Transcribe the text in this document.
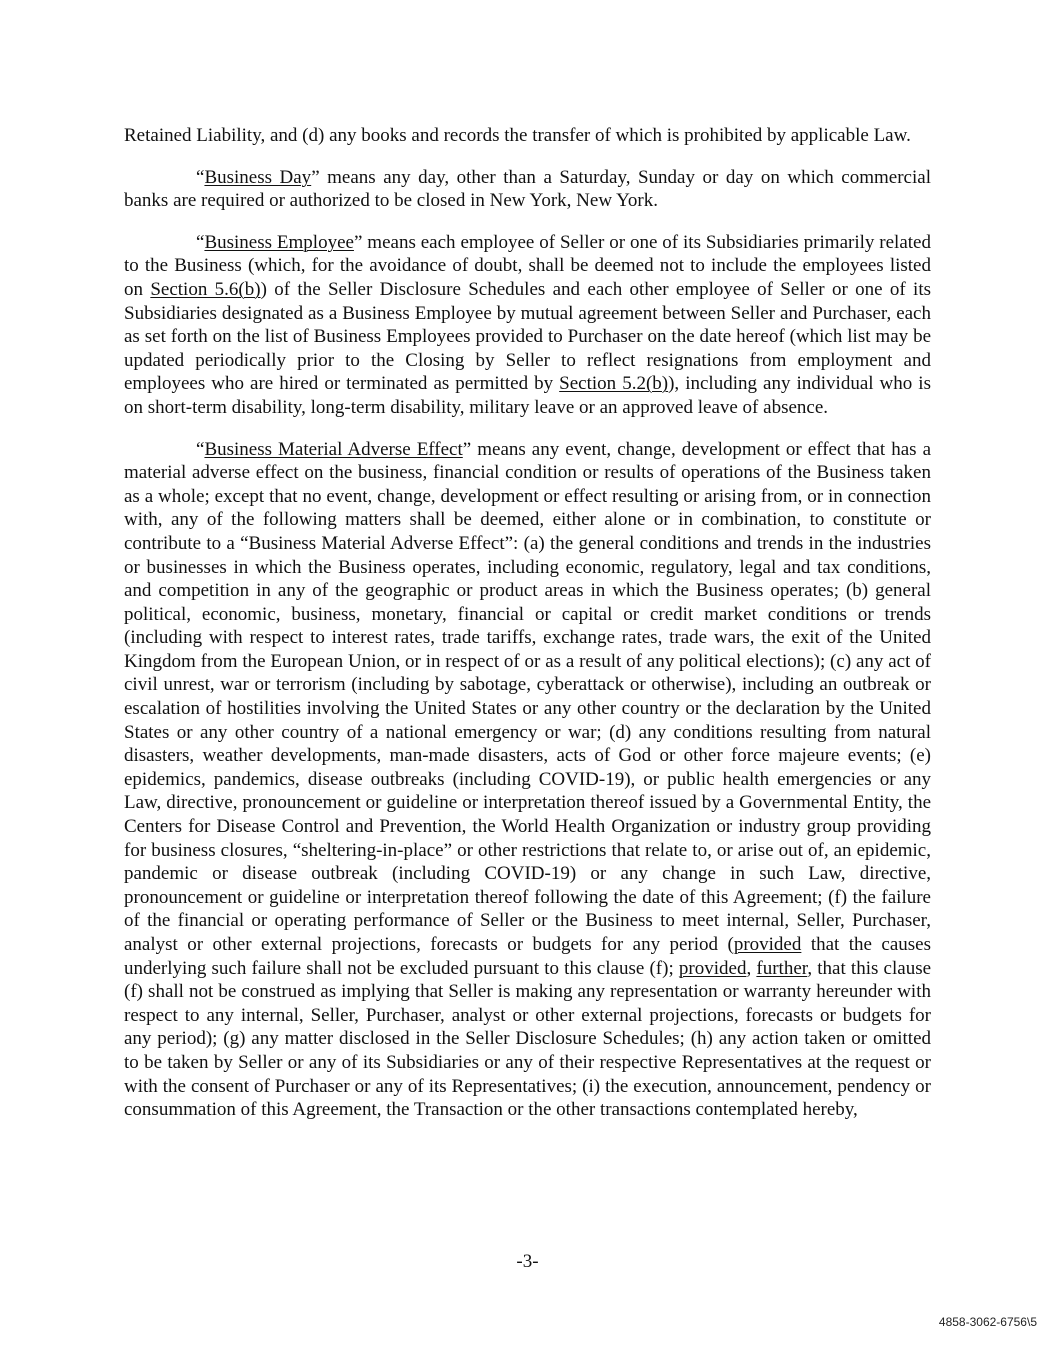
Retained Liability, and (d) any books and records the transfer of which is prohibited by applicable Law.

“Business Day” means any day, other than a Saturday, Sunday or day on which commercial banks are required or authorized to be closed in New York, New York.

“Business Employee” means each employee of Seller or one of its Subsidiaries primarily related to the Business (which, for the avoidance of doubt, shall be deemed not to include the employees listed on Section 5.6(b)) of the Seller Disclosure Schedules and each other employee of Seller or one of its Subsidiaries designated as a Business Employee by mutual agreement between Seller and Purchaser, each as set forth on the list of Business Employees provided to Purchaser on the date hereof (which list may be updated periodically prior to the Closing by Seller to reflect resignations from employment and employees who are hired or terminated as permitted by Section 5.2(b)), including any individual who is on short-term disability, long-term disability, military leave or an approved leave of absence.

“Business Material Adverse Effect” means any event, change, development or effect that has a material adverse effect on the business, financial condition or results of operations of the Business taken as a whole; except that no event, change, development or effect resulting or arising from, or in connection with, any of the following matters shall be deemed, either alone or in combination, to constitute or contribute to a “Business Material Adverse Effect”: (a) the general conditions and trends in the industries or businesses in which the Business operates, including economic, regulatory, legal and tax conditions, and competition in any of the geographic or product areas in which the Business operates; (b) general political, economic, business, monetary, financial or capital or credit market conditions or trends (including with respect to interest rates, trade tariffs, exchange rates, trade wars, the exit of the United Kingdom from the European Union, or in respect of or as a result of any political elections); (c) any act of civil unrest, war or terrorism (including by sabotage, cyberattack or otherwise), including an outbreak or escalation of hostilities involving the United States or any other country or the declaration by the United States or any other country of a national emergency or war; (d) any conditions resulting from natural disasters, weather developments, man-made disasters, acts of God or other force majeure events; (e) epidemics, pandemics, disease outbreaks (including COVID-19), or public health emergencies or any Law, directive, pronouncement or guideline or interpretation thereof issued by a Governmental Entity, the Centers for Disease Control and Prevention, the World Health Organization or industry group providing for business closures, “sheltering-in-place” or other restrictions that relate to, or arise out of, an epidemic, pandemic or disease outbreak (including COVID-19) or any change in such Law, directive, pronouncement or guideline or interpretation thereof following the date of this Agreement; (f) the failure of the financial or operating performance of Seller or the Business to meet internal, Seller, Purchaser, analyst or other external projections, forecasts or budgets for any period (provided that the causes underlying such failure shall not be excluded pursuant to this clause (f); provided, further, that this clause (f) shall not be construed as implying that Seller is making any representation or warranty hereunder with respect to any internal, Seller, Purchaser, analyst or other external projections, forecasts or budgets for any period); (g) any matter disclosed in the Seller Disclosure Schedules; (h) any action taken or omitted to be taken by Seller or any of its Subsidiaries or any of their respective Representatives at the request or with the consent of Purchaser or any of its Representatives; (i) the execution, announcement, pendency or consummation of this Agreement, the Transaction or the other transactions contemplated hereby,

-3-
4858-3062-6756\5
